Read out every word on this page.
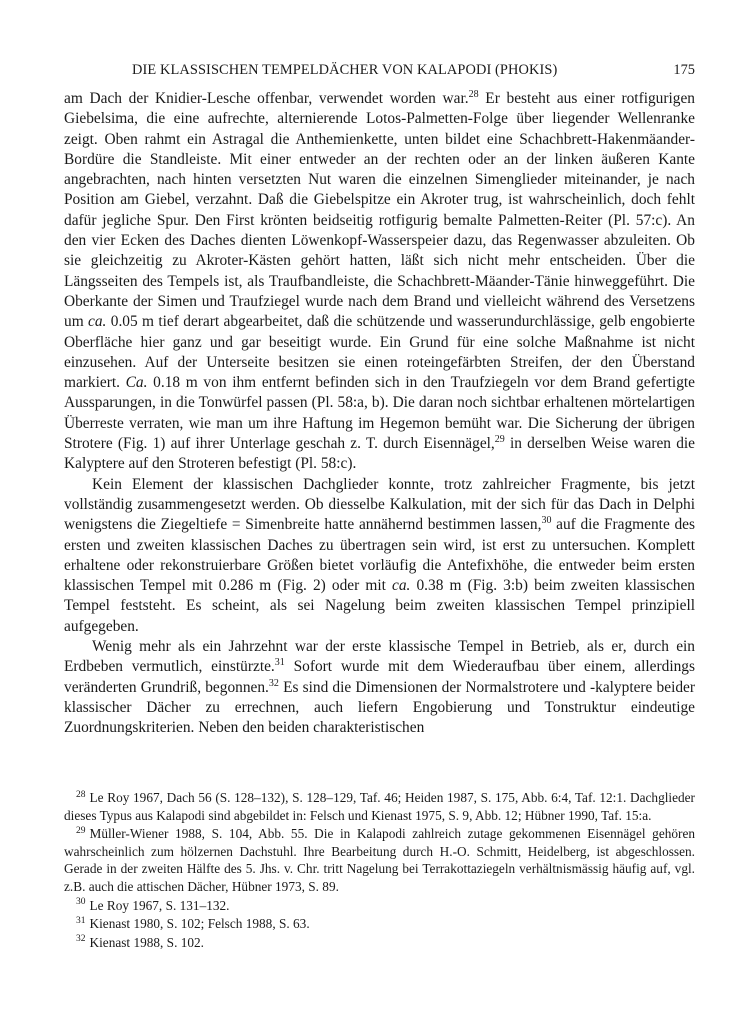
DIE KLASSISCHEN TEMPELDÄCHER VON KALAPODI (PHOKIS)	175

am Dach der Knidier-Lesche offenbar, verwendet worden war.$^{28}$ Er besteht aus einer rotfigurigen Giebelsima, die eine aufrechte, alternierende Lotos-Palmetten-Folge über liegender Wellenranke zeigt. Oben rahmt ein Astragal die Anthemienkette, unten bildet eine Schachbrett-Hakenmäander-Bordüre die Standleiste. Mit einer entweder an der rechten oder an der linken äußeren Kante angebrachten, nach hinten versetzten Nut waren die einzelnen Simenglieder miteinander, je nach Position am Giebel, verzahnt. Daß die Giebelspitze ein Akroter trug, ist wahrscheinlich, doch fehlt dafür jegliche Spur. Den First krönten beidseitig rotfigurig bemalte Palmetten-Reiter (Pl. 57:c). An den vier Ecken des Daches dienten Löwenkopf-Wasserspeier dazu, das Regenwasser abzuleiten. Ob sie gleichzeitig zu Akroter-Kästen gehört hatten, läßt sich nicht mehr entscheiden. Über die Längsseiten des Tempels ist, als Traufbandleiste, die Schachbrett-Mäander-Tänie hinweggeführt. Die Oberkante der Simen und Traufziegel wurde nach dem Brand und vielleicht während des Versetzens um ca. 0.05 m tief derart abgearbeitet, daß die schützende und wasserundurchlässige, gelb engobierte Oberfläche hier ganz und gar beseitigt wurde. Ein Grund für eine solche Maßnahme ist nicht einzusehen. Auf der Unterseite besitzen sie einen roteingefärbten Streifen, der den Überstand markiert. Ca. 0.18 m von ihm entfernt befinden sich in den Traufziegeln vor dem Brand gefertigte Aussparungen, in die Tonwürfel passen (Pl. 58:a, b). Die daran noch sichtbar erhaltenen mörtelartigen Überreste verraten, wie man um ihre Haftung im Hegemon bemüht war. Die Sicherung der übrigen Strotere (Fig. 1) auf ihrer Unterlage geschah z. T. durch Eisennägel,$^{29}$ in derselben Weise waren die Kalyptere auf den Stroteren befestigt (Pl. 58:c).

Kein Element der klassischen Dachglieder konnte, trotz zahlreicher Fragmente, bis jetzt vollständig zusammengesetzt werden. Ob diesselbe Kalkulation, mit der sich für das Dach in Delphi wenigstens die Ziegeltiefe = Simenbreite hatte annähernd bestimmen lassen,$^{30}$ auf die Fragmente des ersten und zweiten klassischen Daches zu übertragen sein wird, ist erst zu untersuchen. Komplett erhaltene oder rekonstruierbare Größen bietet vorläufig die Antefixhöhe, die entweder beim ersten klassischen Tempel mit 0.286 m (Fig. 2) oder mit ca. 0.38 m (Fig. 3:b) beim zweiten klassischen Tempel feststeht. Es scheint, als sei Nagelung beim zweiten klassischen Tempel prinzipiell aufgegeben.

Wenig mehr als ein Jahrzehnt war der erste klassische Tempel in Betrieb, als er, durch ein Erdbeben vermutlich, einstürzte.$^{31}$ Sofort wurde mit dem Wiederaufbau über einem, allerdings veränderten Grundriß, begonnen.$^{32}$ Es sind die Dimensionen der Normalstrotere und -kalyptere beider klassischer Dächer zu errechnen, auch liefern Engobierung und Tonstruktur eindeutige Zuordnungskriterien. Neben den beiden charakteristischen

$^{28}$ Le Roy 1967, Dach 56 (S. 128–132), S. 128–129, Taf. 46; Heiden 1987, S. 175, Abb. 6:4, Taf. 12:1. Dachglieder dieses Typus aus Kalapodi sind abgebildet in: Felsch und Kienast 1975, S. 9, Abb. 12; Hübner 1990, Taf. 15:a.

$^{29}$ Müller-Wiener 1988, S. 104, Abb. 55. Die in Kalapodi zahlreich zutage gekommenen Eisennägel gehören wahrscheinlich zum hölzernen Dachstuhl. Ihre Bearbeitung durch H.-O. Schmitt, Heidelberg, ist abgeschlossen. Gerade in der zweiten Hälfte des 5. Jhs. v. Chr. tritt Nagelung bei Terrakottaziegeln verhältnismässig häufig auf, vgl. z.B. auch die attischen Dächer, Hübner 1973, S. 89.

$^{30}$ Le Roy 1967, S. 131–132.

$^{31}$ Kienast 1980, S. 102; Felsch 1988, S. 63.

$^{32}$ Kienast 1988, S. 102.
